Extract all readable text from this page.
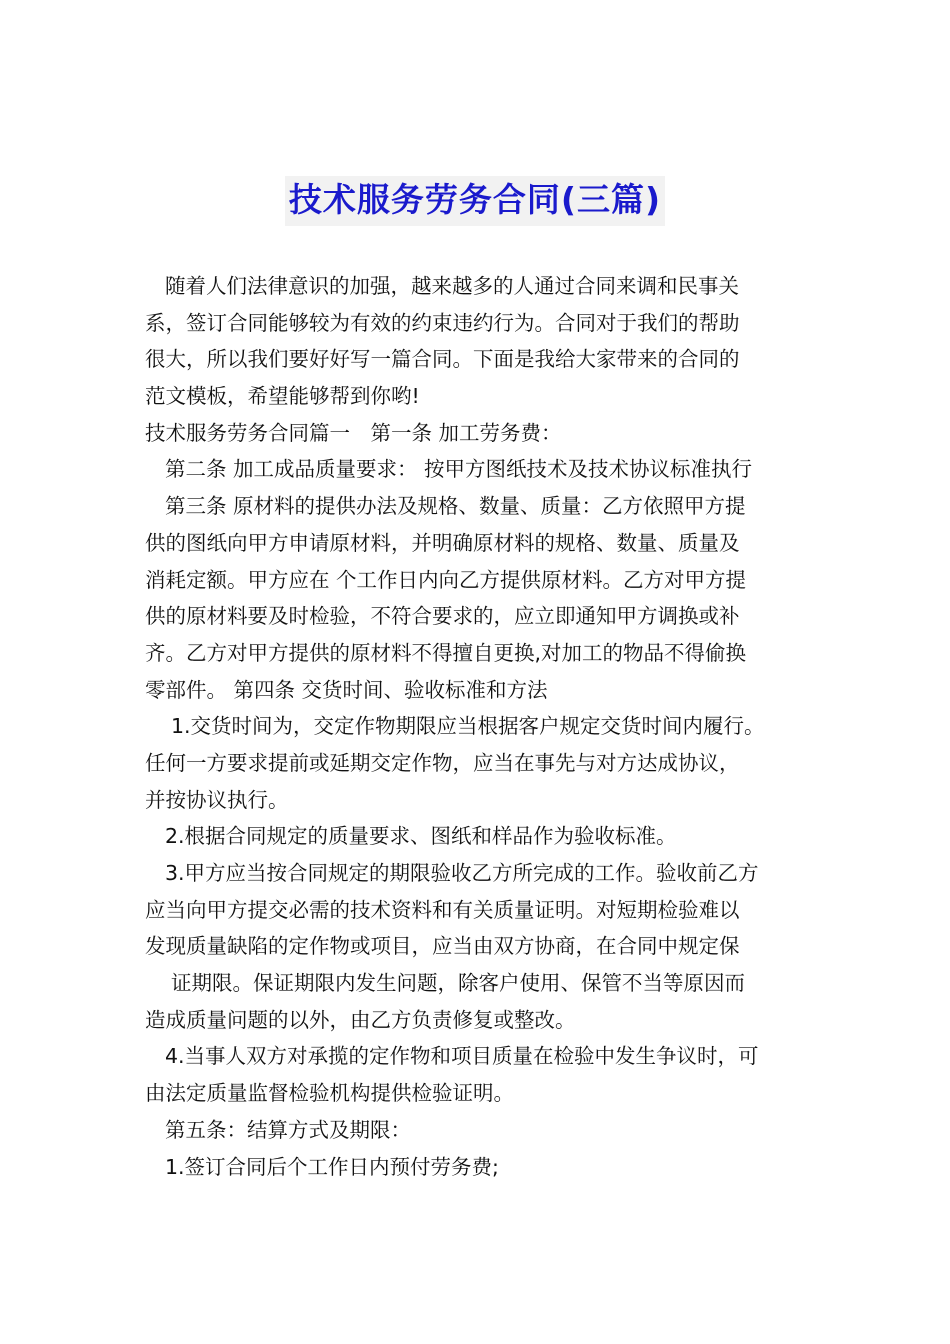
技术服务劳务合同(三篇)
随着人们法律意识的加强，越来越多的人通过合同来调和民事关
系，签订合同能够较为有效的约束违约行为。合同对于我们的帮助
很大，所以我们要好好写一篇合同。下面是我给大家带来的合同的
范文模板，希望能够帮到你哟!
技术服务劳务合同篇一　第一条 加工劳务费：
第二条 加工成品质量要求： 按甲方图纸技术及技术协议标准执行
第三条 原材料的提供办法及规格、数量、质量：乙方依照甲方提
供的图纸向甲方申请原材料，并明确原材料的规格、数量、质量及
消耗定额。甲方应在 个工作日内向乙方提供原材料。乙方对甲方提
供的原材料要及时检验，不符合要求的，应立即通知甲方调换或补
齐。乙方对甲方提供的原材料不得擅自更换,对加工的物品不得偷换
零部件。 第四条 交货时间、验收标准和方法
1.交货时间为，交定作物期限应当根据客户规定交货时间内履行。
任何一方要求提前或延期交定作物，应当在事先与对方达成协议，
并按协议执行。
2.根据合同规定的质量要求、图纸和样品作为验收标准。
3.甲方应当按合同规定的期限验收乙方所完成的工作。验收前乙方
应当向甲方提交必需的技术资料和有关质量证明。对短期检验难以
发现质量缺陷的定作物或项目，应当由双方协商，在合同中规定保
证期限。保证期限内发生问题，除客户使用、保管不当等原因而
造成质量问题的以外，由乙方负责修复或整改。
4.当事人双方对承揽的定作物和项目质量在检验中发生争议时，可
由法定质量监督检验机构提供检验证明。
第五条：结算方式及期限：
1.签订合同后个工作日内预付劳务费;
